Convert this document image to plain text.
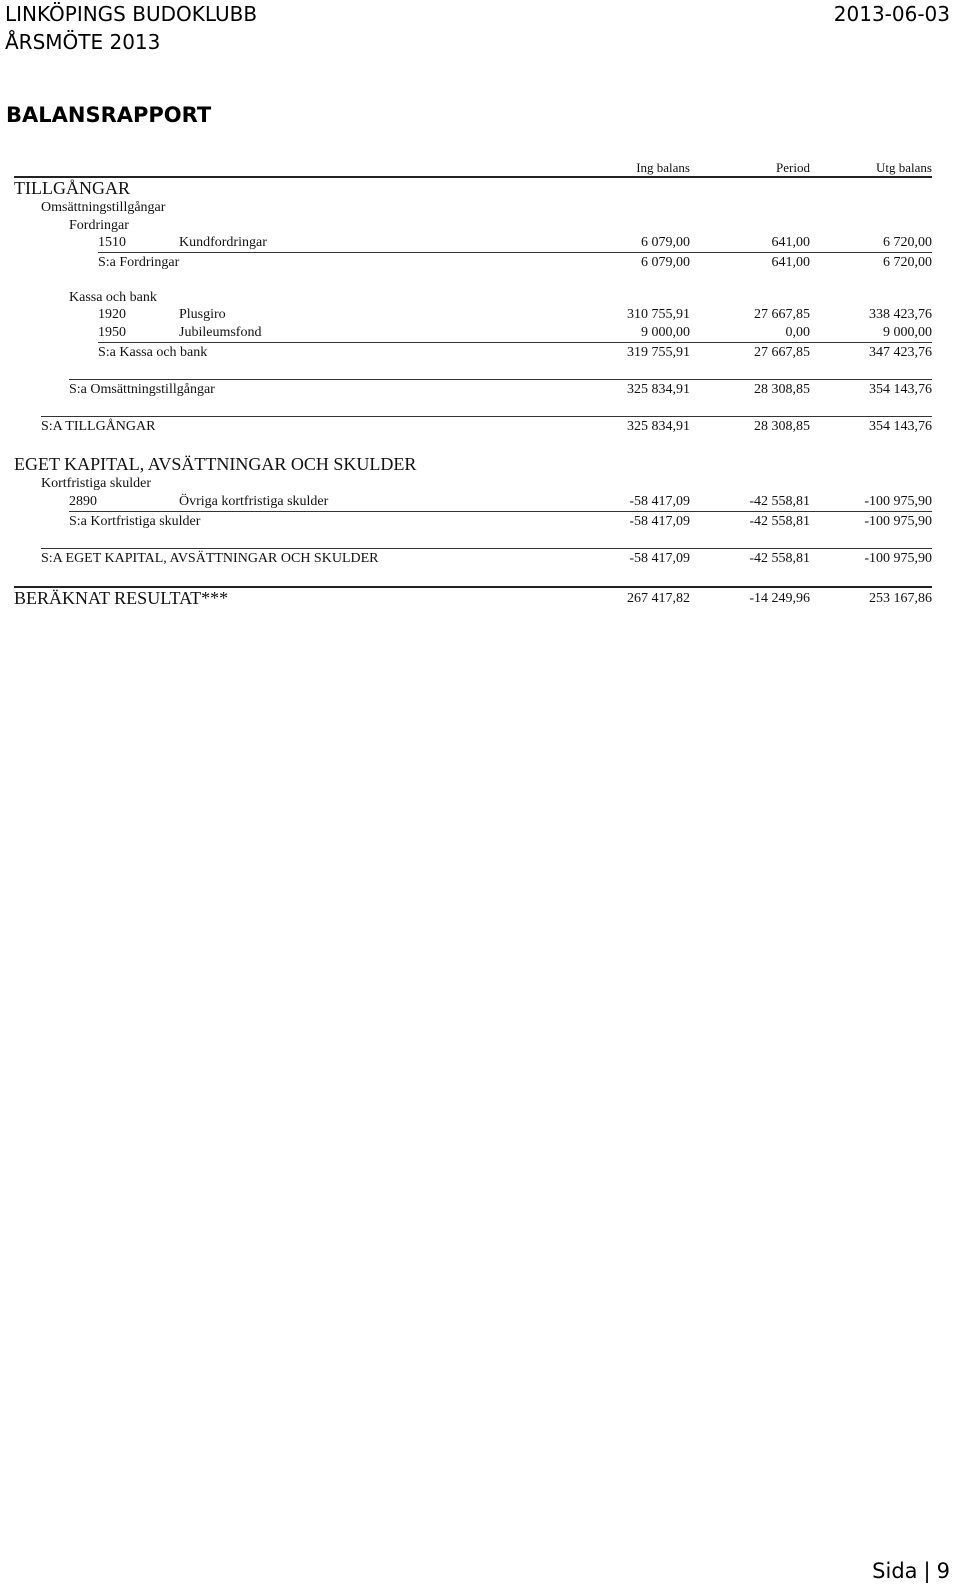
LINKÖPINGS BUDOKLUBB
ÅRSMÖTE 2013
2013-06-03
BALANSRAPPORT
Ing balans	Period	Utg balans
TILLGÅNGAR
Omsättningstillgångar
Fordringar
1510	Kundfordringar	6 079,00	641,00	6 720,00
S:a Fordringar	6 079,00	641,00	6 720,00
Kassa och bank
1920	Plusgiro	310 755,91	27 667,85	338 423,76
1950	Jubileumsfond	9 000,00	0,00	9 000,00
S:a Kassa och bank	319 755,91	27 667,85	347 423,76
S:a Omsättningstillgångar	325 834,91	28 308,85	354 143,76
S:A TILLGÅNGAR	325 834,91	28 308,85	354 143,76
EGET KAPITAL, AVSÄTTNINGAR OCH SKULDER
Kortfristiga skulder
2890	Övriga kortfristiga skulder	-58 417,09	-42 558,81	-100 975,90
S:a Kortfristiga skulder	-58 417,09	-42 558,81	-100 975,90
S:A EGET KAPITAL, AVSÄTTNINGAR OCH SKULDER	-58 417,09	-42 558,81	-100 975,90
BERÄKNAT RESULTAT***	267 417,82	-14 249,96	253 167,86
Sida | 9
